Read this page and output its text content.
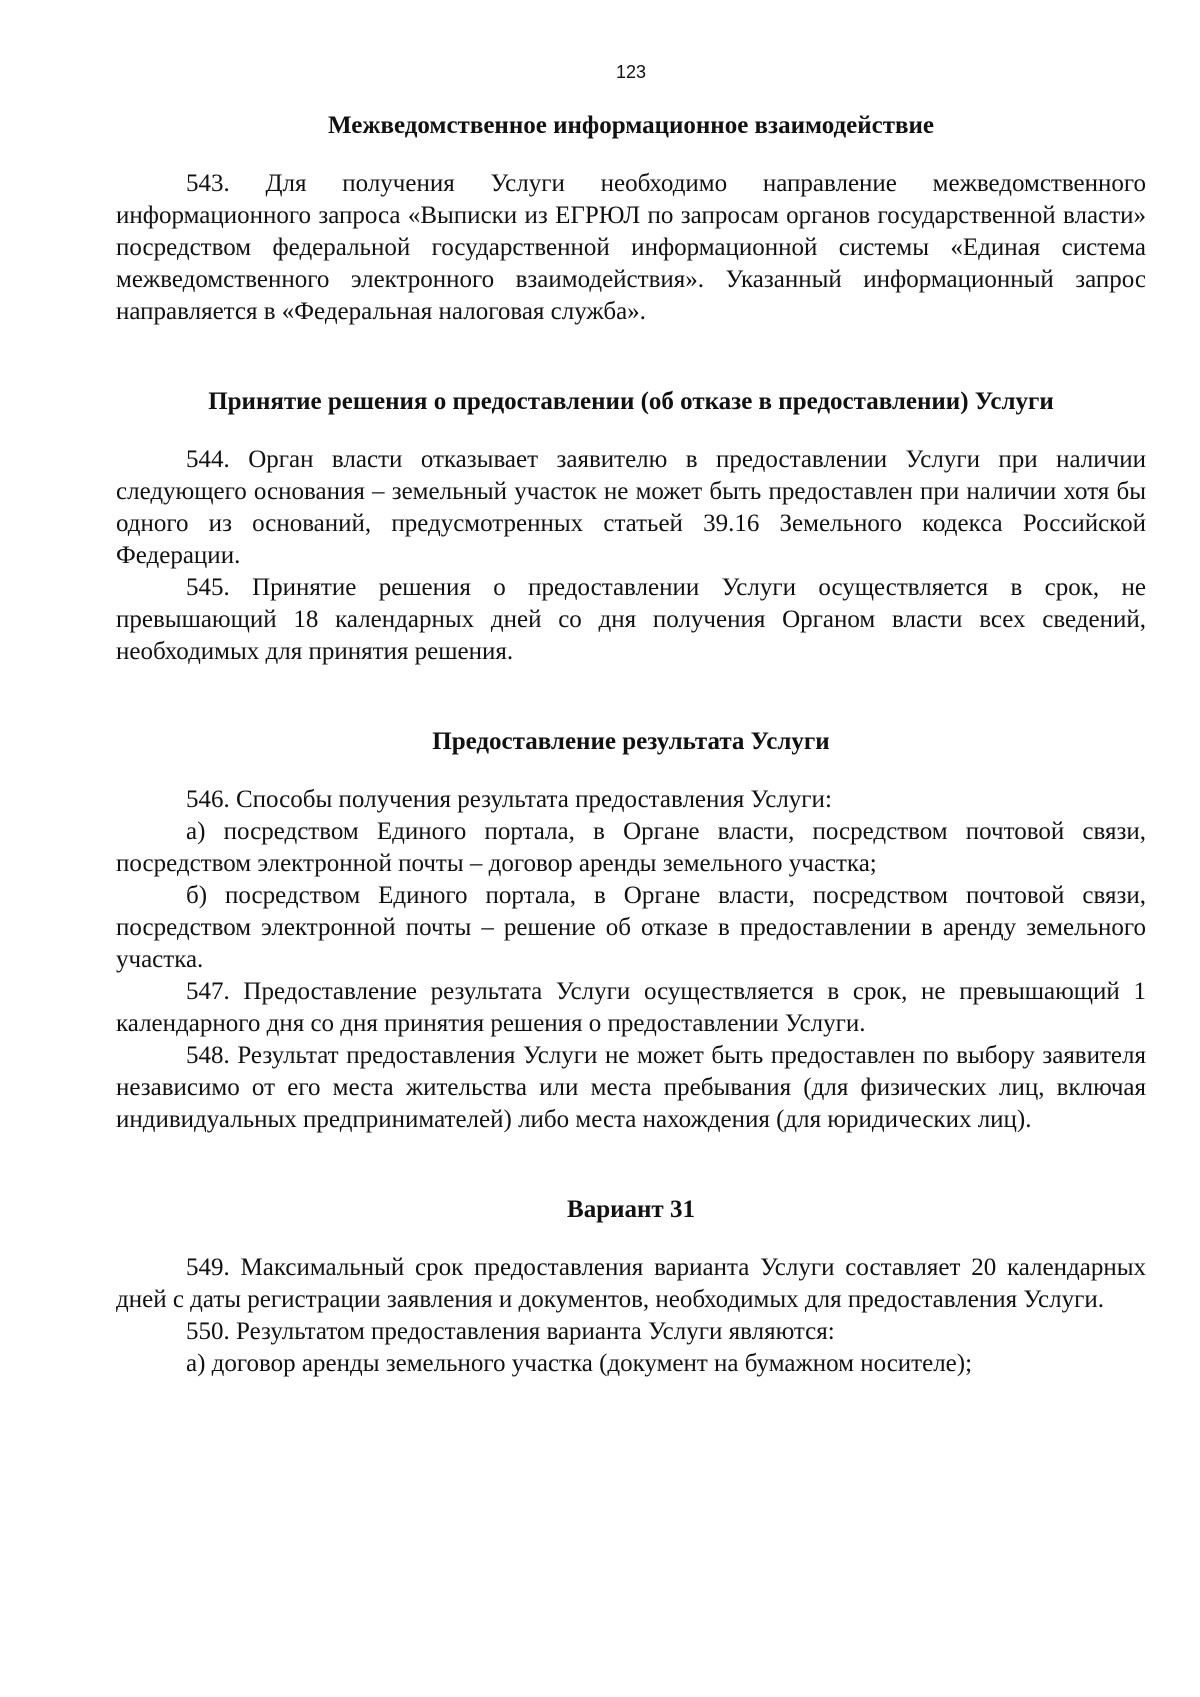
123
Межведомственное информационное взаимодействие

543. Для получения Услуги необходимо направление межведомственного информационного запроса «Выписки из ЕГРЮЛ по запросам органов государственной власти» посредством федеральной государственной информационной системы «Единая система межведомственного электронного взаимодействия». Указанный информационный запрос направляется в «Федеральная налоговая служба».

Принятие решения о предоставлении (об отказе в предоставлении) Услуги

544. Орган власти отказывает заявителю в предоставлении Услуги при наличии следующего основания – земельный участок не может быть предоставлен при наличии хотя бы одного из оснований, предусмотренных статьей 39.16 Земельного кодекса Российской Федерации.

545. Принятие решения о предоставлении Услуги осуществляется в срок, не превышающий 18 календарных дней со дня получения Органом власти всех сведений, необходимых для принятия решения.

Предоставление результата Услуги

546. Способы получения результата предоставления Услуги:

а) посредством Единого портала, в Органе власти, посредством почтовой связи, посредством электронной почты – договор аренды земельного участка;

б) посредством Единого портала, в Органе власти, посредством почтовой связи, посредством электронной почты – решение об отказе в предоставлении в аренду земельного участка.

547. Предоставление результата Услуги осуществляется в срок, не превышающий 1 календарного дня со дня принятия решения о предоставлении Услуги.

548. Результат предоставления Услуги не может быть предоставлен по выбору заявителя независимо от его места жительства или места пребывания (для физических лиц, включая индивидуальных предпринимателей) либо места нахождения (для юридических лиц).

Вариант 31

549. Максимальный срок предоставления варианта Услуги составляет 20 календарных дней с даты регистрации заявления и документов, необходимых для предоставления Услуги.

550. Результатом предоставления варианта Услуги являются:

а) договор аренды земельного участка (документ на бумажном носителе);
